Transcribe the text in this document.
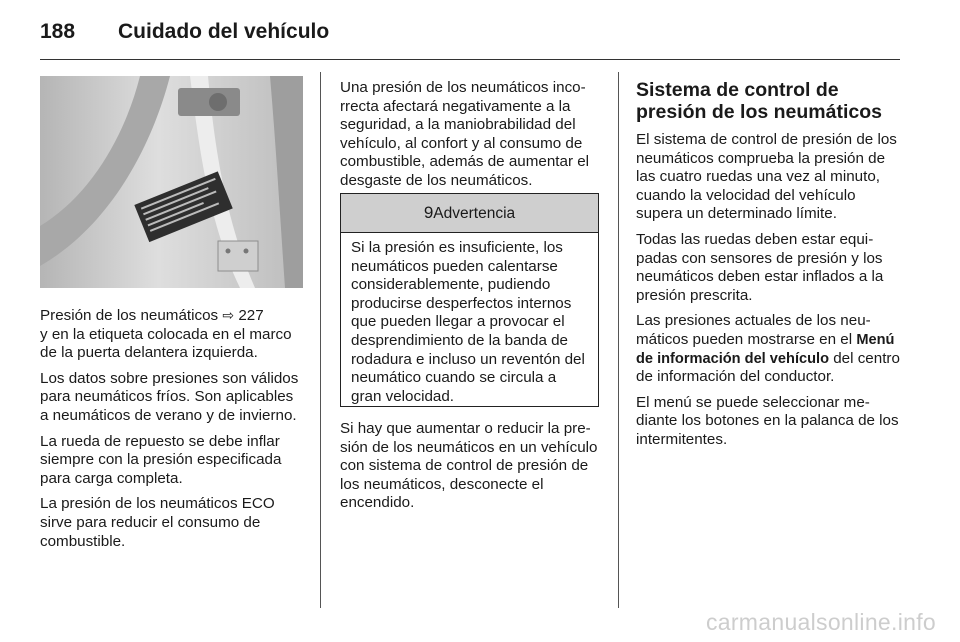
188 Cuidado del vehículo

Presión de los neumáticos ⇨ 227
y en la etiqueta colocada en el marco de la puerta delantera izquierda.

Los datos sobre presiones son válidos para neumáticos fríos. Son aplicables a neumáticos de verano y de invierno.

La rueda de repuesto se debe inflar siempre con la presión especificada para carga completa.

La presión de los neumáticos ECO sirve para reducir el consumo de combustible.

Una presión de los neumáticos incorrecta afectará negativamente a la seguridad, a la maniobrabilidad del vehículo, al confort y al consumo de combustible, además de aumentar el desgaste de los neumáticos.

9Advertencia
Si la presión es insuficiente, los neumáticos pueden calentarse considerablemente, pudiendo producirse desperfectos internos que pueden llegar a provocar el desprendimiento de la banda de rodadura e incluso un reventón del neumático cuando se circula a gran velocidad.

Si hay que aumentar o reducir la presión de los neumáticos en un vehículo con sistema de control de presión de los neumáticos, desconecte el encendido.

Sistema de control de presión de los neumáticos

El sistema de control de presión de los neumáticos comprueba la presión de las cuatro ruedas una vez al minuto, cuando la velocidad del vehículo supera un determinado límite.

Todas las ruedas deben estar equipadas con sensores de presión y los neumáticos deben estar inflados a la presión prescrita.

Las presiones actuales de los neumáticos pueden mostrarse en el Menú de información del vehículo del centro de información del conductor.

El menú se puede seleccionar mediante los botones en la palanca de los intermitentes.

carmanualsonline.info
